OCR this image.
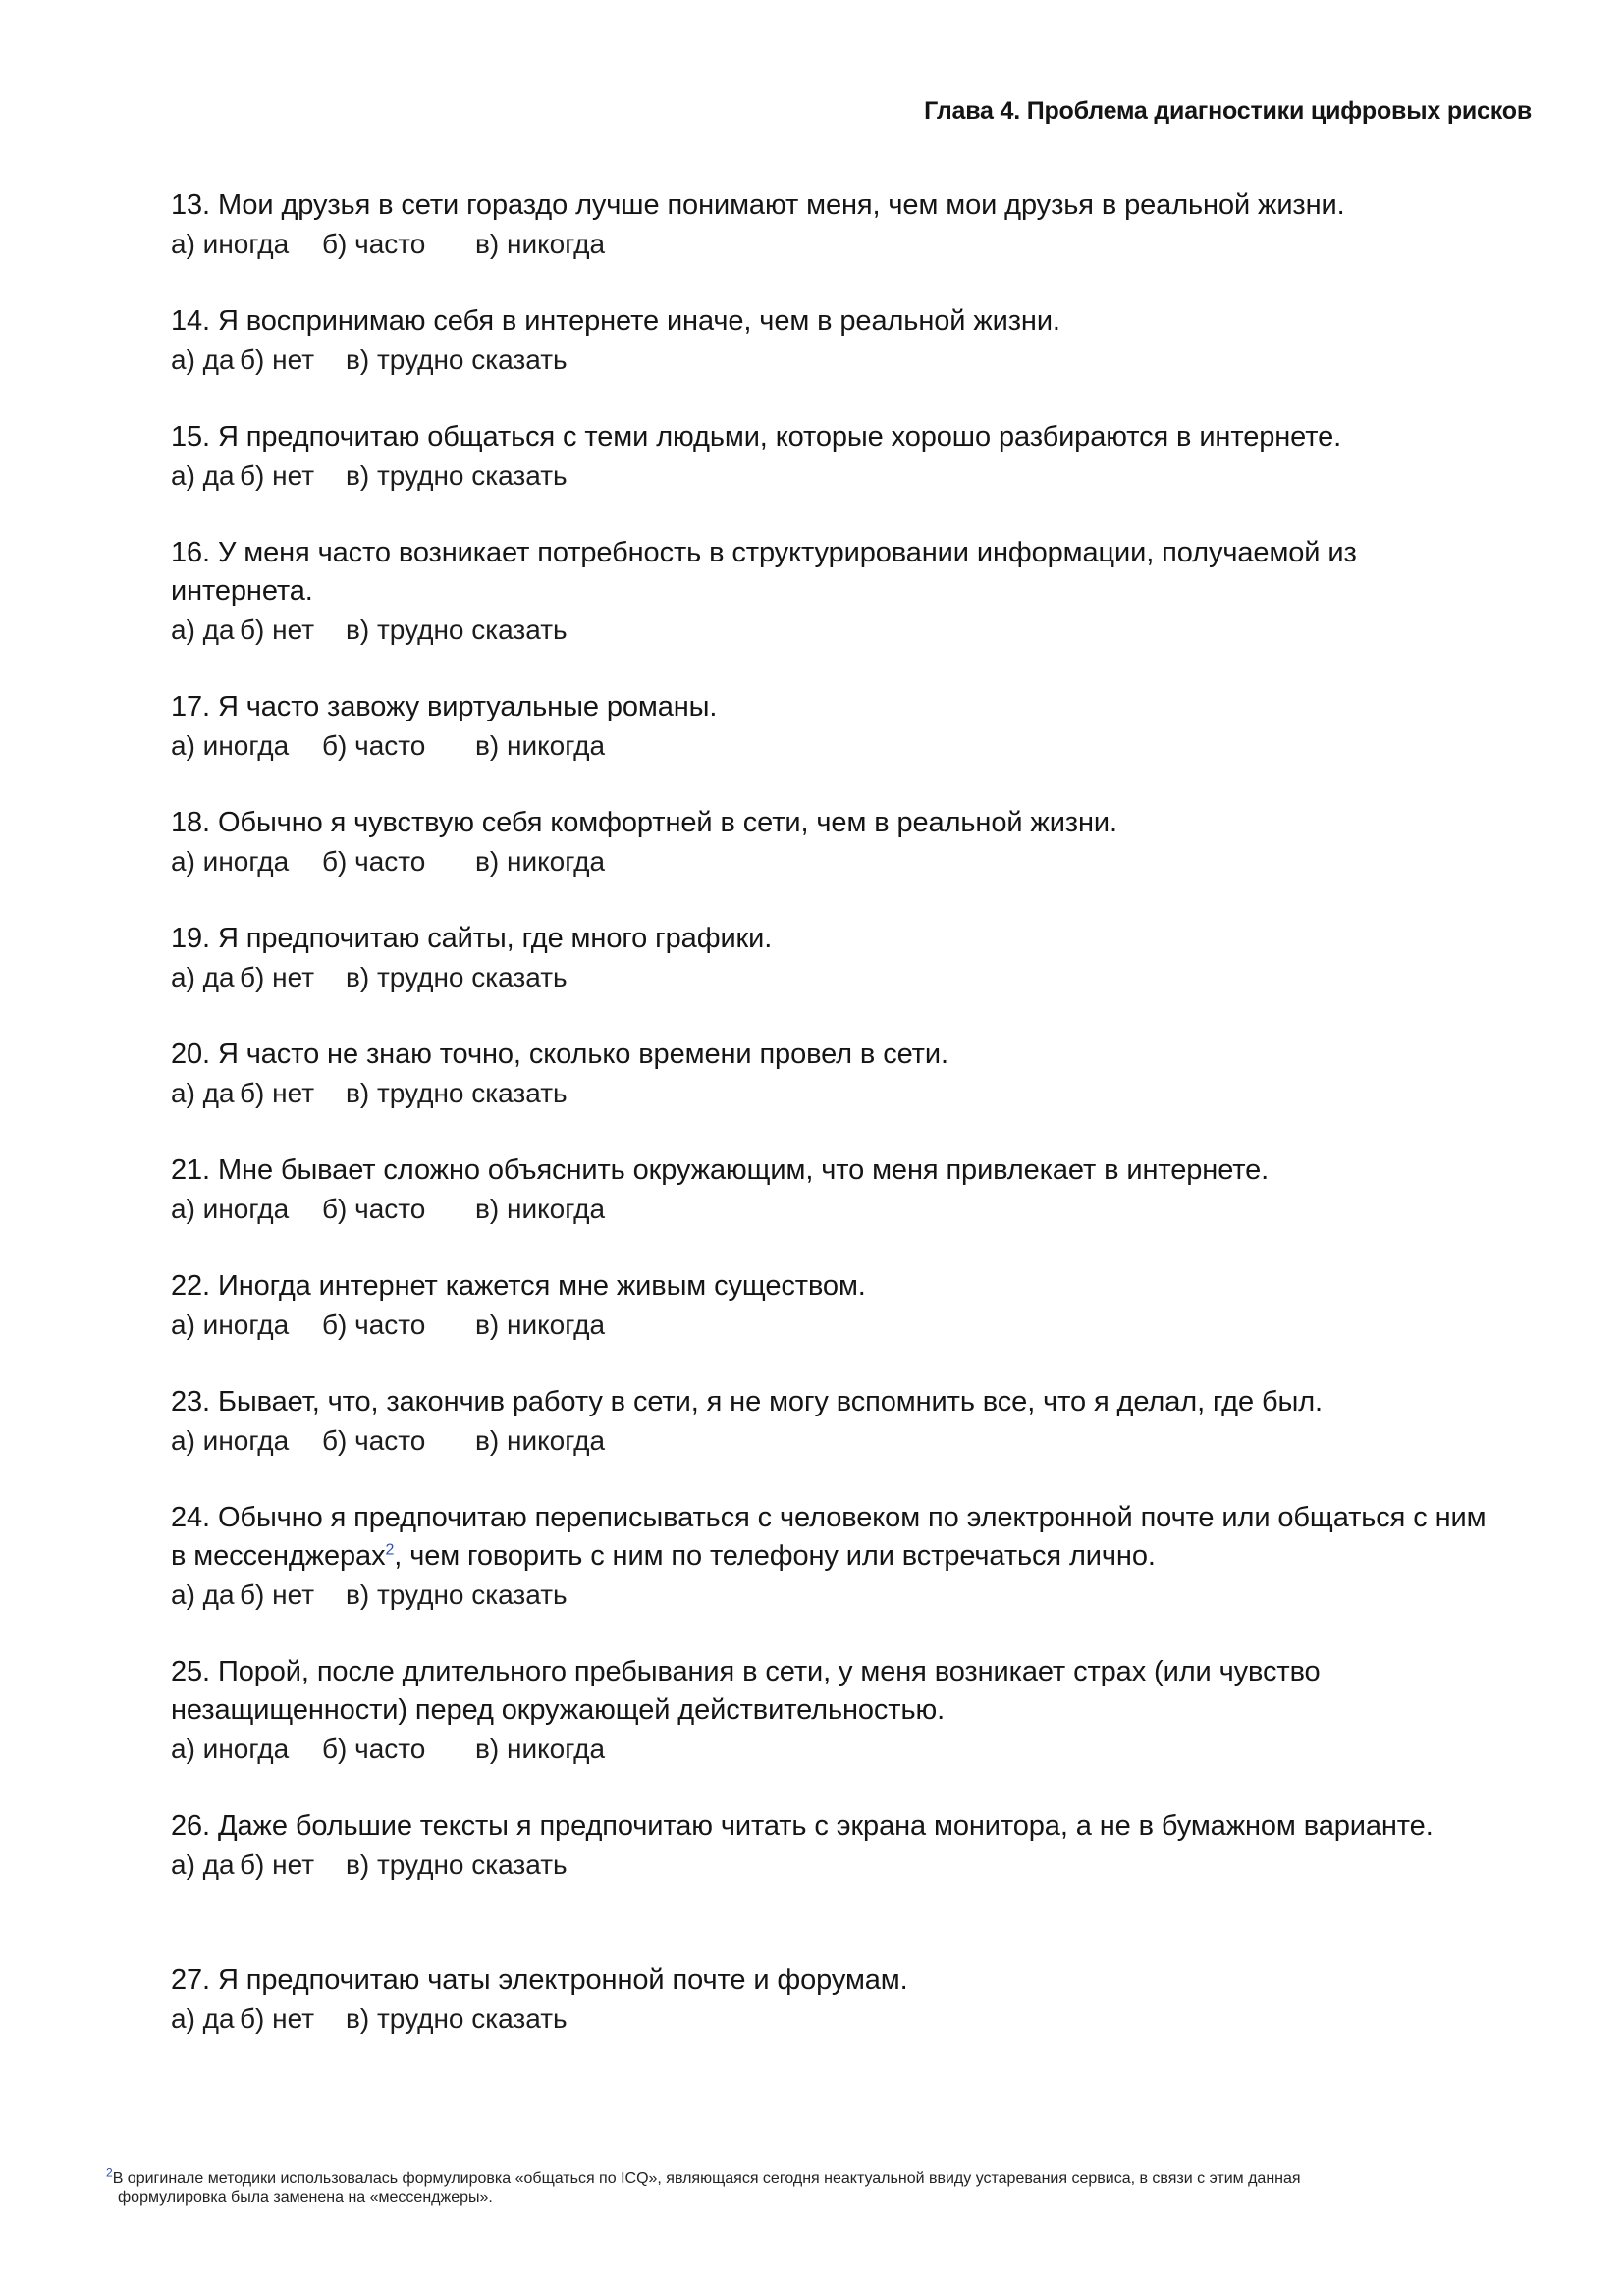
Глава 4. Проблема диагностики цифровых рисков
13. Мои друзья в сети гораздо лучше понимают меня, чем мои друзья в реальной жизни.
а) иногда б) часто в) никогда
14. Я воспринимаю себя в интернете иначе, чем в реальной жизни.
а) да б) нет в) трудно сказать
15. Я предпочитаю общаться с теми людьми, которые хорошо разбираются в интернете.
а) да б) нет в) трудно сказать
16. У меня часто возникает потребность в структурировании информации, получаемой из интернета.
а) да б) нет в) трудно сказать
17. Я часто завожу виртуальные романы.
а) иногда б) часто в) никогда
18. Обычно я чувствую себя комфортней в сети, чем в реальной жизни.
а) иногда б) часто в) никогда
19. Я предпочитаю сайты, где много графики.
а) да б) нет в) трудно сказать
20. Я часто не знаю точно, сколько времени провел в сети.
а) да б) нет в) трудно сказать
21. Мне бывает сложно объяснить окружающим, что меня привлекает в интернете.
а) иногда б) часто в) никогда
22. Иногда интернет кажется мне живым существом.
а) иногда б) часто в) никогда
23. Бывает, что, закончив работу в сети, я не могу вспомнить все, что я делал, где был.
а) иногда б) часто в) никогда
24. Обычно я предпочитаю переписываться с человеком по электронной почте или общаться с ним в мессенджерах$^2$, чем говорить с ним по телефону или встречаться лично.
а) да б) нет в) трудно сказать
25. Порой, после длительного пребывания в сети, у меня возникает страх (или чувство незащищенности) перед окружающей действительностью.
а) иногда б) часто в) никогда
26. Даже большие тексты я предпочитаю читать с экрана монитора, а не в бумажном варианте.
а) да б) нет в) трудно сказать
27. Я предпочитаю чаты электронной почте и форумам.
а) да б) нет в) трудно сказать
$^2$В оригинале методики использовалась формулировка «общаться по ICQ», являющаяся сегодня неактуальной ввиду устаревания сервиса, в связи с этим данная
формулировка была заменена на «мессенджеры».
